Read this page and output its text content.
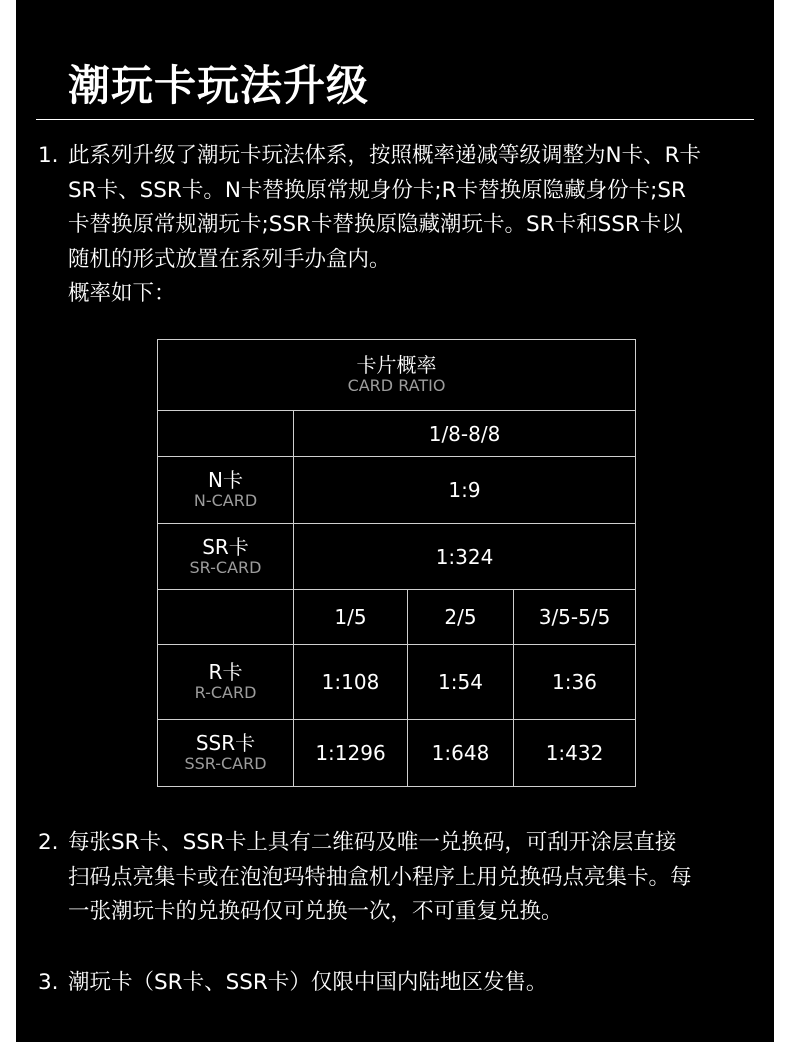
潮玩卡玩法升级
1. 此系列升级了潮玩卡玩法体系，按照概率递减等级调整为N卡、R卡
SR卡、SSR卡。N卡替换原常规身份卡;R卡替换原隐藏身份卡;SR
卡替换原常规潮玩卡;SSR卡替换原隐藏潮玩卡。SR卡和SSR卡以
随机的形式放置在系列手办盒内。
概率如下：
卡片概率
CARD RATIO			

	1/8-8/8		

N卡
N-CARD	1:9		

SR卡
SR-CARD	1:324		
	1/5	2/5	3/5-5/5

R卡
R-CARD	1:108	1:54	1:36

SSR卡
SSR-CARD	1:1296	1:648	1:432
2. 每张SR卡、SSR卡上具有二维码及唯一兑换码，可刮开涂层直接
扫码点亮集卡或在泡泡玛特抽盒机小程序上用兑换码点亮集卡。每
一张潮玩卡的兑换码仅可兑换一次，不可重复兑换。
3. 潮玩卡（SR卡、SSR卡）仅限中国内陆地区发售。
